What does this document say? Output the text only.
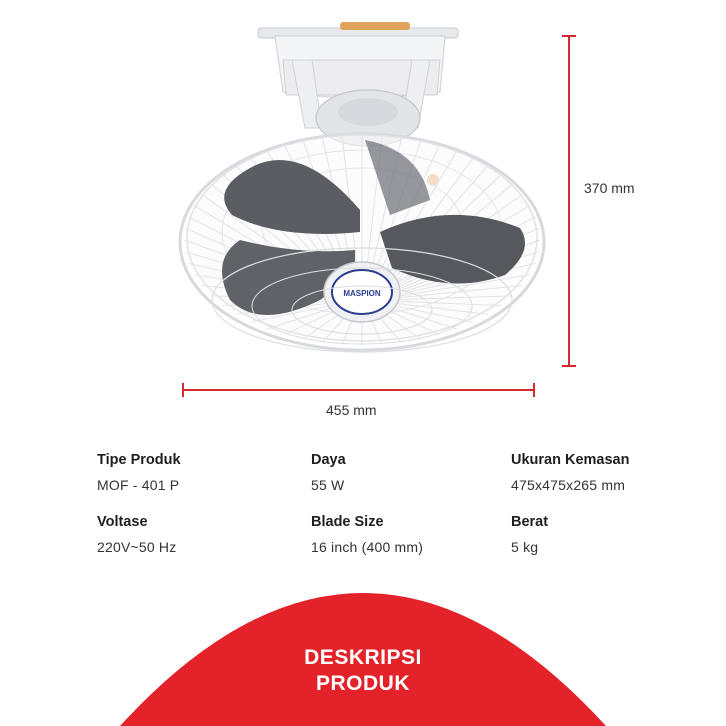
MASPION
370 mm
455 mm
Tipe Produk
MOF - 401 P
Daya
55 W
Ukuran Kemasan
475x475x265 mm
Voltase
220V~50 Hz
Blade Size
16 inch (400 mm)
Berat
5 kg
DESKRIPSI
PRODUK
